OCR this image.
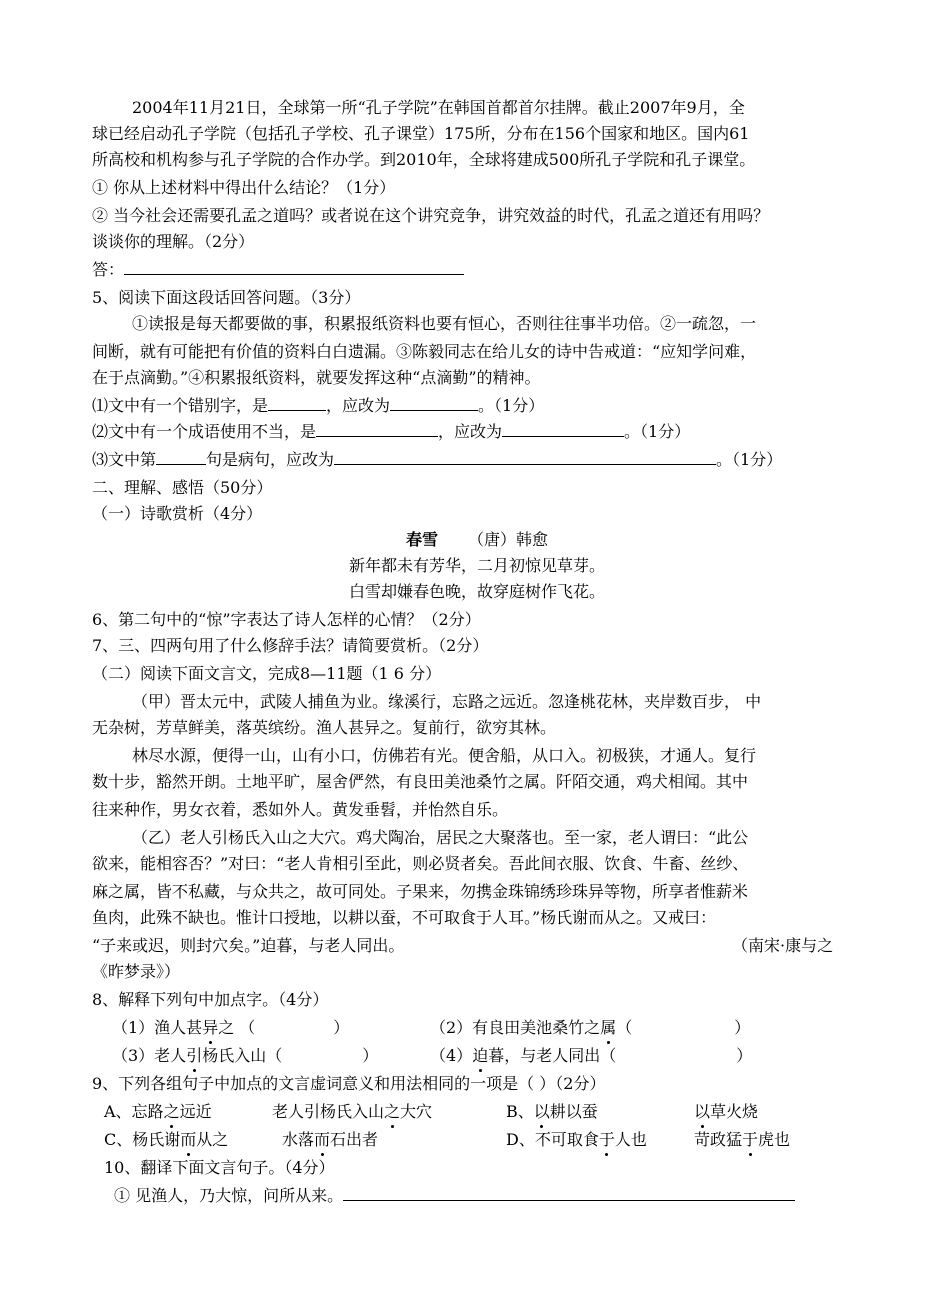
2004年11月21日，全球第一所“孔子学院”在韩国首都首尔挂牌。截止2007年9月，全
球已经启动孔子学院（包括孔子学校、孔子课堂）175所，分布在156个国家和地区。国内61
所高校和机构参与孔子学院的合作办学。到2010年，全球将建成500所孔子学院和孔子课堂。
① 你从上述材料中得出什么结论？（1分）
② 当今社会还需要孔孟之道吗？或者说在这个讲究竞争，讲究效益的时代，孔孟之道还有用吗？
谈谈你的理解。（2分）
答：
5、阅读下面这段话回答问题。（3分）
①读报是每天都要做的事，积累报纸资料也要有恒心，否则往往事半功倍。②一疏忽，一
间断，就有可能把有价值的资料白白遗漏。③陈毅同志在给儿女的诗中告戒道：“应知学问难，
在于点滴勤。”④积累报纸资料，就要发挥这种“点滴勤”的精神。
⑴文中有一个错别字，是	，应改为	。（1分）
⑵文中有一个成语使用不当，是	，应改为	。（1分）
⑶文中第	句是病句，应改为	。（1分）
二、理解、感悟（50分）
（一）诗歌赏析（4分）
春雪 （唐）韩愈
新年都未有芳华，二月初惊见草芽。
白雪却嫌春色晚，故穿庭树作飞花。
6、第二句中的“惊”字表达了诗人怎样的心情？（2分）
7、三、四两句用了什么修辞手法？请简要赏析。（2分）
（二）阅读下面文言文，完成8—11题（1 6 分）
（甲）晋太元中，武陵人捕鱼为业。缘溪行，忘路之远近。忽逢桃花林，夹岸数百步， 中
无杂树，芳草鲜美，落英缤纷。渔人甚异之。复前行，欲穷其林。
林尽水源，便得一山，山有小口，仿佛若有光。便舍船，从口入。初极狭，才通人。复行
数十步，豁然开朗。土地平旷，屋舍俨然，有良田美池桑竹之属。阡陌交通，鸡犬相闻。其中
往来种作，男女衣着，悉如外人。黄发垂髫，并怡然自乐。
（乙）老人引杨氏入山之大穴。鸡犬陶冶，居民之大聚落也。至一家，老人谓曰：“此公
欲来，能相容否？”对曰：“老人肯相引至此，则必贤者矣。吾此间衣服、饮食、牛畜、丝纱、
麻之属，皆不私藏，与众共之，故可同处。子果来，勿携金珠锦绣珍珠异等物，所享者惟薪米
鱼肉，此殊不缺也。惟计口授地，以耕以蚕，不可取食于人耳。”杨氏谢而从之。又戒曰：
“子来或迟，则封穴矣。”迫暮，与老人同出。	（南宋·康与之
《昨梦录》）
8、解释下列句中加点字。（4分）
（1）渔人甚异之 （	）	（2）有良田美池桑竹之属（	）
（3）老人引杨氏入山（	）	（4）迫暮，与老人同出（	）
9、下列各组句子中加点的文言虚词意义和用法相同的一项是（ ）（2分）
A、忘路之远近	老人引杨氏入山之大穴	B、以耕以蚕	以草火烧
C、杨氏谢而从之	水落而石出者	D、不可取食于人也	苛政猛于虎也
10、翻译下面文言句子。（4分）
① 见渔人，乃大惊，问所从来。
